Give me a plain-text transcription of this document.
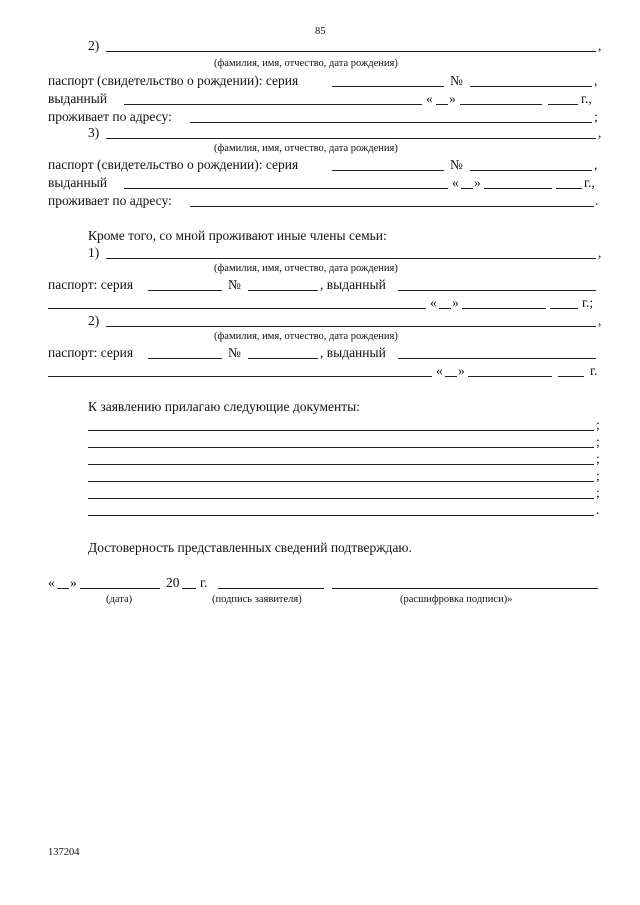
85
2)	,
(фамилия, имя, отчество, дата рождения)
паспорт (свидетельство о рождении): серия	№	,
выданный	« »	г.,
проживает по адресу:	;
3)	,
(фамилия, имя, отчество, дата рождения)
паспорт (свидетельство о рождении): серия	№	,
выданный	« »	г.,
проживает по адресу:	.
Кроме того, со мной проживают иные члены семьи:
1)	,
(фамилия, имя, отчество, дата рождения)
паспорт: серия	№	, выданный
« »	г.;
2)	,
(фамилия, имя, отчество, дата рождения)
паспорт: серия	№	, выданный
« »	г.
К заявлению прилагаю следующие документы:
;
;
;
;
;
.
Достоверность представленных сведений подтверждаю.
« »	20 г.
(дата)	(подпись заявителя)	(расшифровка подписи)»
137204
